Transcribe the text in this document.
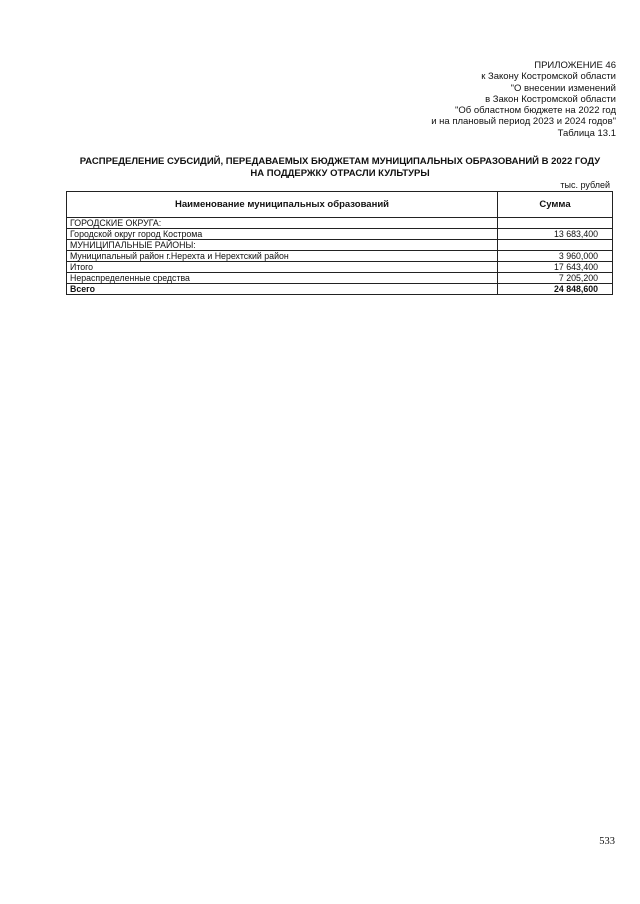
ПРИЛОЖЕНИЕ 46
к Закону Костромской области
"О внесении изменений
в Закон Костромской области
"Об областном бюджете на 2022 год
и на плановый период 2023 и 2024 годов"
Таблица 13.1
РАСПРЕДЕЛЕНИЕ СУБСИДИЙ, ПЕРЕДАВАЕМЫХ БЮДЖЕТАМ МУНИЦИПАЛЬНЫХ ОБРАЗОВАНИЙ В 2022 ГОДУ
НА ПОДДЕРЖКУ ОТРАСЛИ КУЛЬТУРЫ
тыс. рублей
Наименование муниципальных образований	Сумма
ГОРОДСКИЕ ОКРУГА:	
Городской округ город Кострома	13 683,400
МУНИЦИПАЛЬНЫЕ РАЙОНЫ:	
Муниципальный район г.Нерехта и Нерехтский район	3 960,000
Итого	17 643,400
Нераспределенные средства	7 205,200
Всего	24 848,600
533
